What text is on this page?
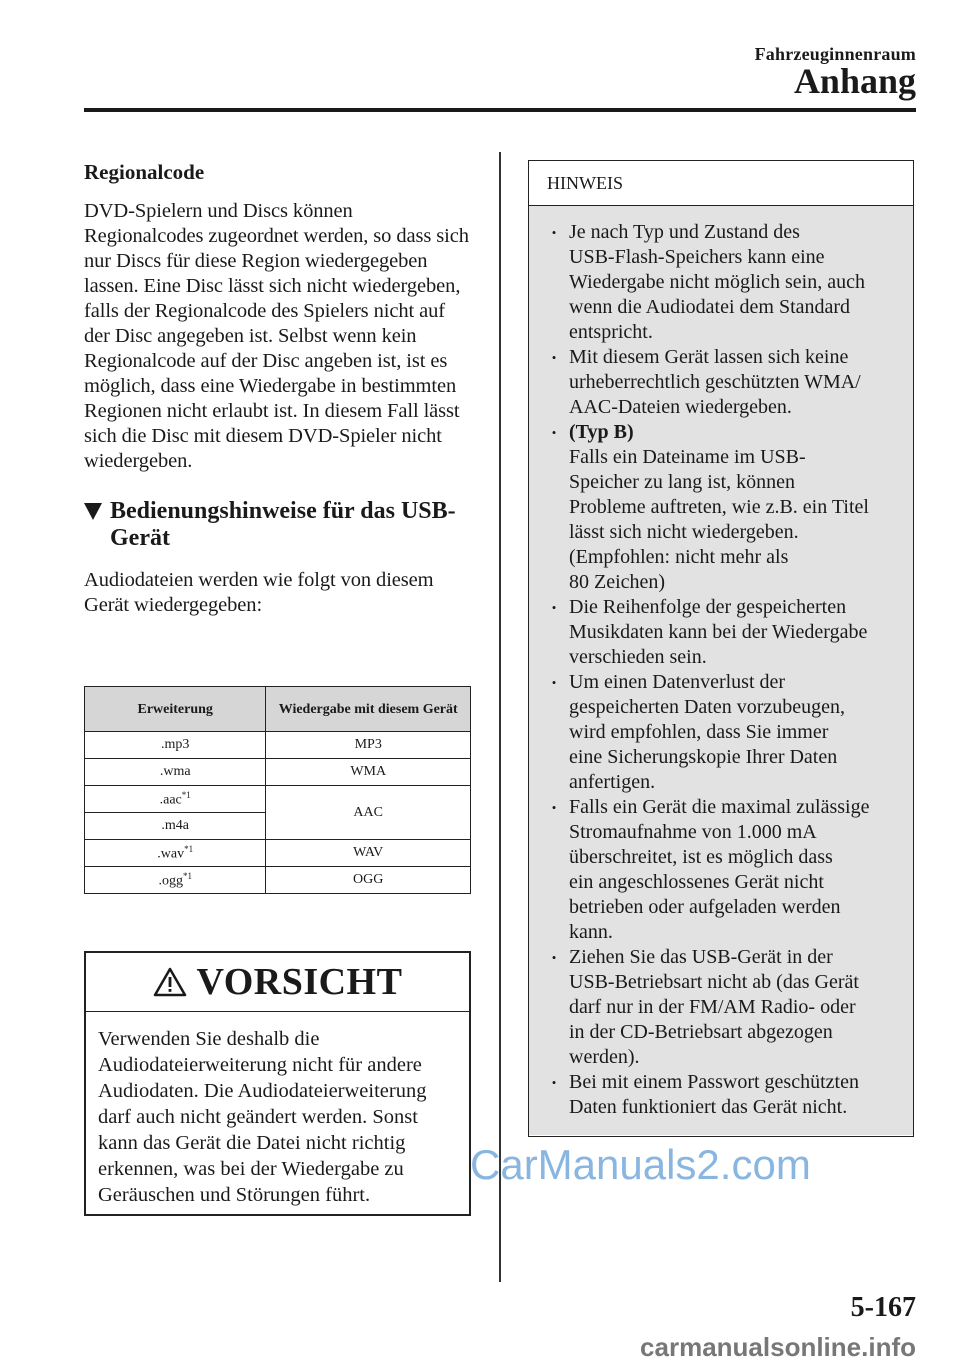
Fahrzeuginnenraum
Anhang
Regionalcode

DVD-Spielern und Discs können Regionalcodes zugeordnet werden, so dass sich nur Discs für diese Region wiedergegeben lassen. Eine Disc lässt sich nicht wiedergeben, falls der Regionalcode des Spielers nicht auf der Disc angegeben ist. Selbst wenn kein Regionalcode auf der Disc angeben ist, ist es möglich, dass eine Wiedergabe in bestimmten Regionen nicht erlaubt ist. In diesem Fall lässt sich die Disc mit diesem DVD-Spieler nicht wiedergeben.

Bedienungshinweise für das USB-Gerät

Audiodateien werden wie folgt von diesem Gerät wiedergegeben:

Erweiterung	Wiedergabe mit diesem Gerät
.mp3	MP3
.wma	WMA
.aac$^{*1}$	AAC
.m4a	
.wav$^{*1}$	WAV
.ogg$^{*1}$	OGG
VORSICHT
Verwenden Sie deshalb die Audiodateierweiterung nicht für andere Audiodaten. Die Audiodateierweiterung darf auch nicht geändert werden. Sonst kann das Gerät die Datei nicht richtig erkennen, was bei der Wiedergabe zu Geräuschen und Störungen führt.
HINWEIS
• Je nach Typ und Zustand des
USB-Flash-Speichers kann eine
Wiedergabe nicht möglich sein, auch
wenn die Audiodatei dem Standard
entspricht.
• Mit diesem Gerät lassen sich keine
urheberrechtlich geschützten WMA/
AAC-Dateien wiedergeben.
• (Typ B)
Falls ein Dateiname im USB-
Speicher zu lang ist, können
Probleme auftreten, wie z.B. ein Titel
lässt sich nicht wiedergeben.
(Empfohlen: nicht mehr als
80 Zeichen)
• Die Reihenfolge der gespeicherten
Musikdaten kann bei der Wiedergabe
verschieden sein.
• Um einen Datenverlust der
gespeicherten Daten vorzubeugen,
wird empfohlen, dass Sie immer
eine Sicherungskopie Ihrer Daten
anfertigen.
• Falls ein Gerät die maximal zulässige
Stromaufnahme von 1.000 mA
überschreitet, ist es möglich dass
ein angeschlossenes Gerät nicht
betrieben oder aufgeladen werden
kann.
• Ziehen Sie das USB-Gerät in der
USB-Betriebsart nicht ab (das Gerät
darf nur in der FM/AM Radio- oder
in der CD-Betriebsart abgezogen
werden).
• Bei mit einem Passwort geschützten
Daten funktioniert das Gerät nicht.
CarManuals2.com
5-167
carmanualsonline.info
